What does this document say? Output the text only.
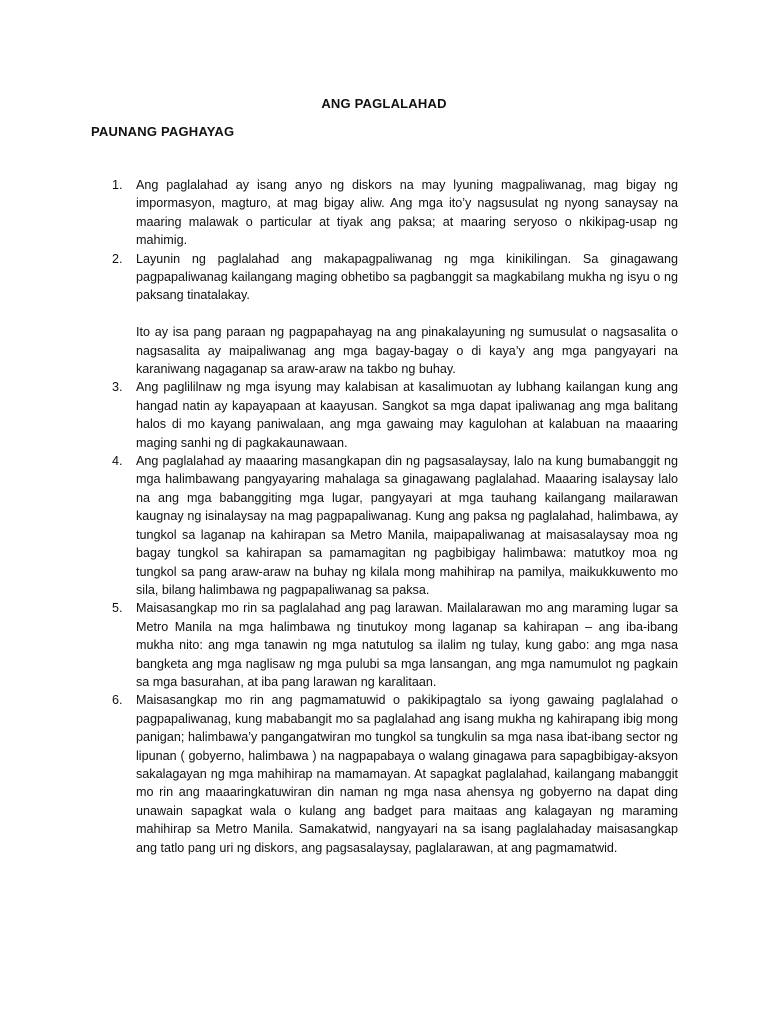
ANG PAGLALAHAD
PAUNANG PAGHAYAG
1.	Ang paglalahad ay isang anyo ng diskors na may lyuning magpaliwanag, mag bigay ng impormasyon, magturo, at mag bigay aliw. Ang mga ito’y nagsusulat ng nyong sanaysay na maaring malawak o particular at tiyak ang paksa; at maaring seryoso o nkikipag-usap ng mahimig.
2.	Layunin ng paglalahad ang makapagpaliwanag ng mga kinikilingan. Sa ginagawang pagpapaliwanag kailangang maging obhetibo sa pagbanggit sa magkabilang mukha ng isyu o ng paksang tinatalakay.
Ito ay isa pang paraan ng pagpapahayag na ang pinakalayuning ng sumusulat o nagsasalita o nagsasalita ay maipaliwanag ang mga bagay-bagay o di kaya’y ang mga pangyayari na karaniwang nagaganap sa araw-araw na takbo ng buhay.
3.	Ang paglililnaw ng mga isyung may kalabisan at kasalimuotan ay lubhang kailangan kung ang hangad natin ay kapayapaan at kaayusan. Sangkot sa mga dapat ipaliwanag ang mga balitang halos di mo kayang paniwalaan, ang mga gawaing may kagulohan at kalabuan na maaaring maging sanhi ng di pagkakaunawaan.
4.	Ang paglalahad ay maaaring masangkapan din ng pagsasalaysay, lalo na kung bumabanggit ng mga halimbawang pangyayaring mahalaga sa ginagawang paglalahad. Maaaring isalaysay lalo na ang mga babanggiting mga lugar, pangyayari at mga tauhang kailangang mailarawan kaugnay ng isinalaysay na mag pagpapaliwanag. Kung ang paksa ng paglalahad, halimbawa, ay tungkol sa laganap na kahirapan sa Metro Manila, maipapaliwanag at maisasalaysay moa ng bagay tungkol sa kahirapan sa pamamagitan ng pagbibigay halimbawa: matutkoy moa ng tungkol sa pang araw-araw na buhay ng kilala mong mahihirap na pamilya, maikukkuwento mo sila, bilang halimbawa ng pagpapaliwanag sa paksa.
5.	Maisasangkap mo rin sa paglalahad ang pag larawan. Mailalarawan mo ang maraming lugar sa Metro Manila na mga halimbawa ng tinutukoy mong laganap sa kahirapan – ang iba-ibang mukha nito: ang mga tanawin ng mga natutulog sa ilalim ng tulay, kung gabo: ang mga nasa bangketa ang mga naglisaw ng mga pulubi sa mga lansangan, ang mga namumulot ng pagkain sa mga basurahan, at iba pang larawan ng karalitaan.
6.	Maisasangkap mo rin ang pagmamatuwid o pakikipagtalo sa iyong gawaing paglalahad o pagpapaliwanag, kung mababangit mo sa paglalahad ang isang mukha ng kahirapang ibig mong panigan; halimbawa’y pangangatwiran mo tungkol sa tungkulin sa mga nasa ibat-ibang sector ng lipunan ( gobyerno, halimbawa ) na nagpapabaya o walang ginagawa para sapagbibigay-aksyon sakalagayan ng mga mahihirap na mamamayan. At sapagkat paglalahad, kailangang mabanggit mo rin ang maaaringkatuwiran din naman ng mga nasa ahensya ng gobyerno na dapat ding unawain sapagkat wala o kulang ang badget para maitaas ang kalagayan ng maraming mahihirap sa Metro Manila. Samakatwid, nangyayari na sa isang paglalahaday maisasangkap ang tatlo pang uri ng diskors, ang pagsasalaysay, paglalarawan, at ang pagmamatwid.
